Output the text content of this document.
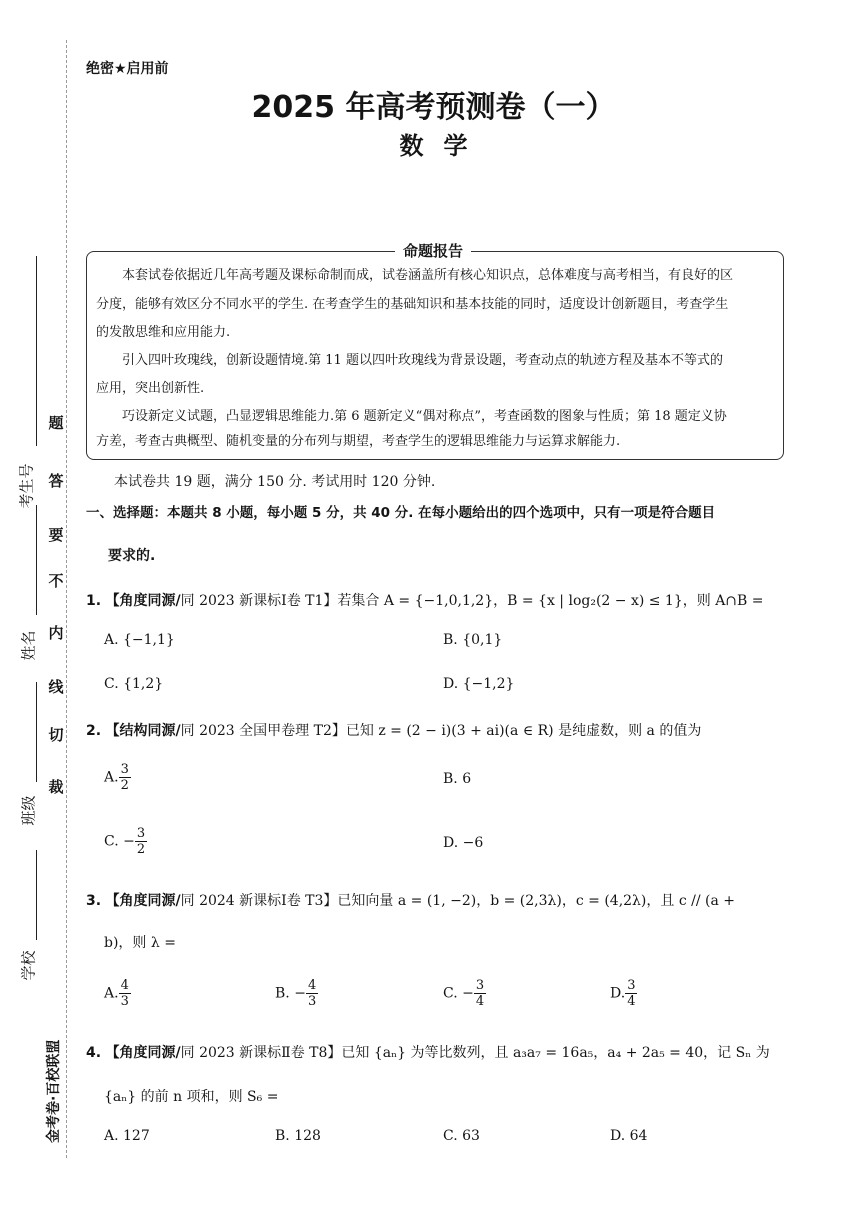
考生号
姓名
班级
学校
金考卷·百校联盟
题
答
要
不
内
线
切
裁
绝密★启用前
2025 年高考预测卷（一）
数学
命题报告
本套试卷依据近几年高考题及课标命制而成，试卷涵盖所有核心知识点，总体难度与高考相当，有良好的区
分度，能够有效区分不同水平的学生. 在考查学生的基础知识和基本技能的同时，适度设计创新题目，考查学生
的发散思维和应用能力.
引入四叶玫瑰线，创新设题情境.第 11 题以四叶玫瑰线为背景设题，考查动点的轨迹方程及基本不等式的
应用，突出创新性.
巧设新定义试题，凸显逻辑思维能力.第 6 题新定义“偶对称点”，考查函数的图象与性质；第 18 题定义协
方差，考查古典概型、随机变量的分布列与期望，考查学生的逻辑思维能力与运算求解能力.
本试卷共 19 题，满分 150 分. 考试用时 120 分钟.
一、选择题：本题共 8 小题，每小题 5 分，共 40 分. 在每小题给出的四个选项中，只有一项是符合题目
要求的.
1. 【角度同源/同 2023 新课标Ⅰ卷 T1】若集合 A = {−1,0,1,2}，B = {x | log₂(2 − x) ≤ 1}，则 A∩B =
A. {−1,1}	B. {0,1}
C. {1,2}	D. {−1,2}
2. 【结构同源/同 2023 全国甲卷理 T2】已知 z = (2 − i)(3 + ai)(a ∈ R) 是纯虚数，则 a 的值为
A. $\frac{3}{2}$	B. 6
C. − $\frac{3}{2}$	D. −6
3. 【角度同源/同 2024 新课标Ⅰ卷 T3】已知向量 a = (1, −2)，b = (2,3λ)，c = (4,2λ)，且 c // (a +
b)，则 λ =
A. $\frac{4}{3}$	B. − $\frac{4}{3}$	C. − $\frac{3}{4}$	D. $\frac{3}{4}$
4. 【角度同源/同 2023 新课标Ⅱ卷 T8】已知 {aₙ} 为等比数列，且 a₃a₇ = 16a₅，a₄ + 2a₅ = 40，记 Sₙ 为
{aₙ} 的前 n 项和，则 S₆ =
A. 127	B. 128	C. 63	D. 64
